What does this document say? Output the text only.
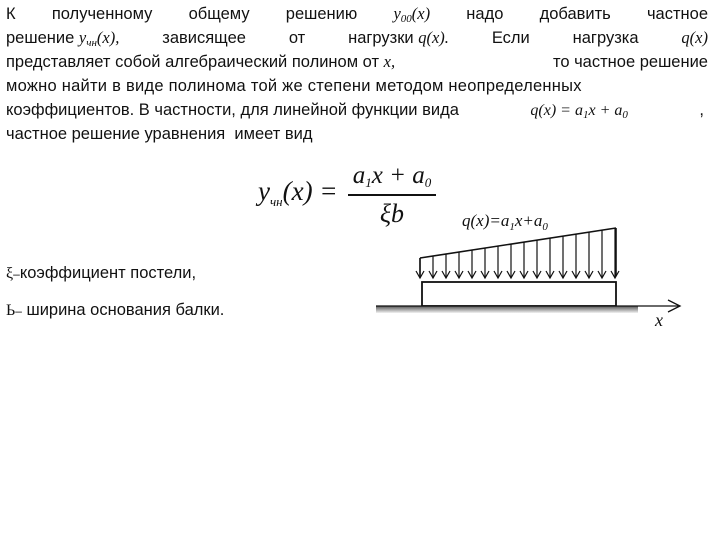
К полученному общему решению $y_{00}(x)$ надо добавить частное
решение $y_{чн}(x)$,	зависящее	от	нагрузки q(x).	Если	нагрузка	q(x)
представляет собой алгебраический полином от
x,
	то частное решение
можно найти в виде полинома той же степени методом неопределенных
коэффициентов. В частности, для линейной функции вида	$q(x) = a_1x + a_0$	,
частное решение уравнения  имеет вид
$y_{чн}(x)$ =
a1x + a0
ξb
ξ–коэффициент постели,
Ь– ширина основания балки.
$q(x)=a_1x+a_0$
x
